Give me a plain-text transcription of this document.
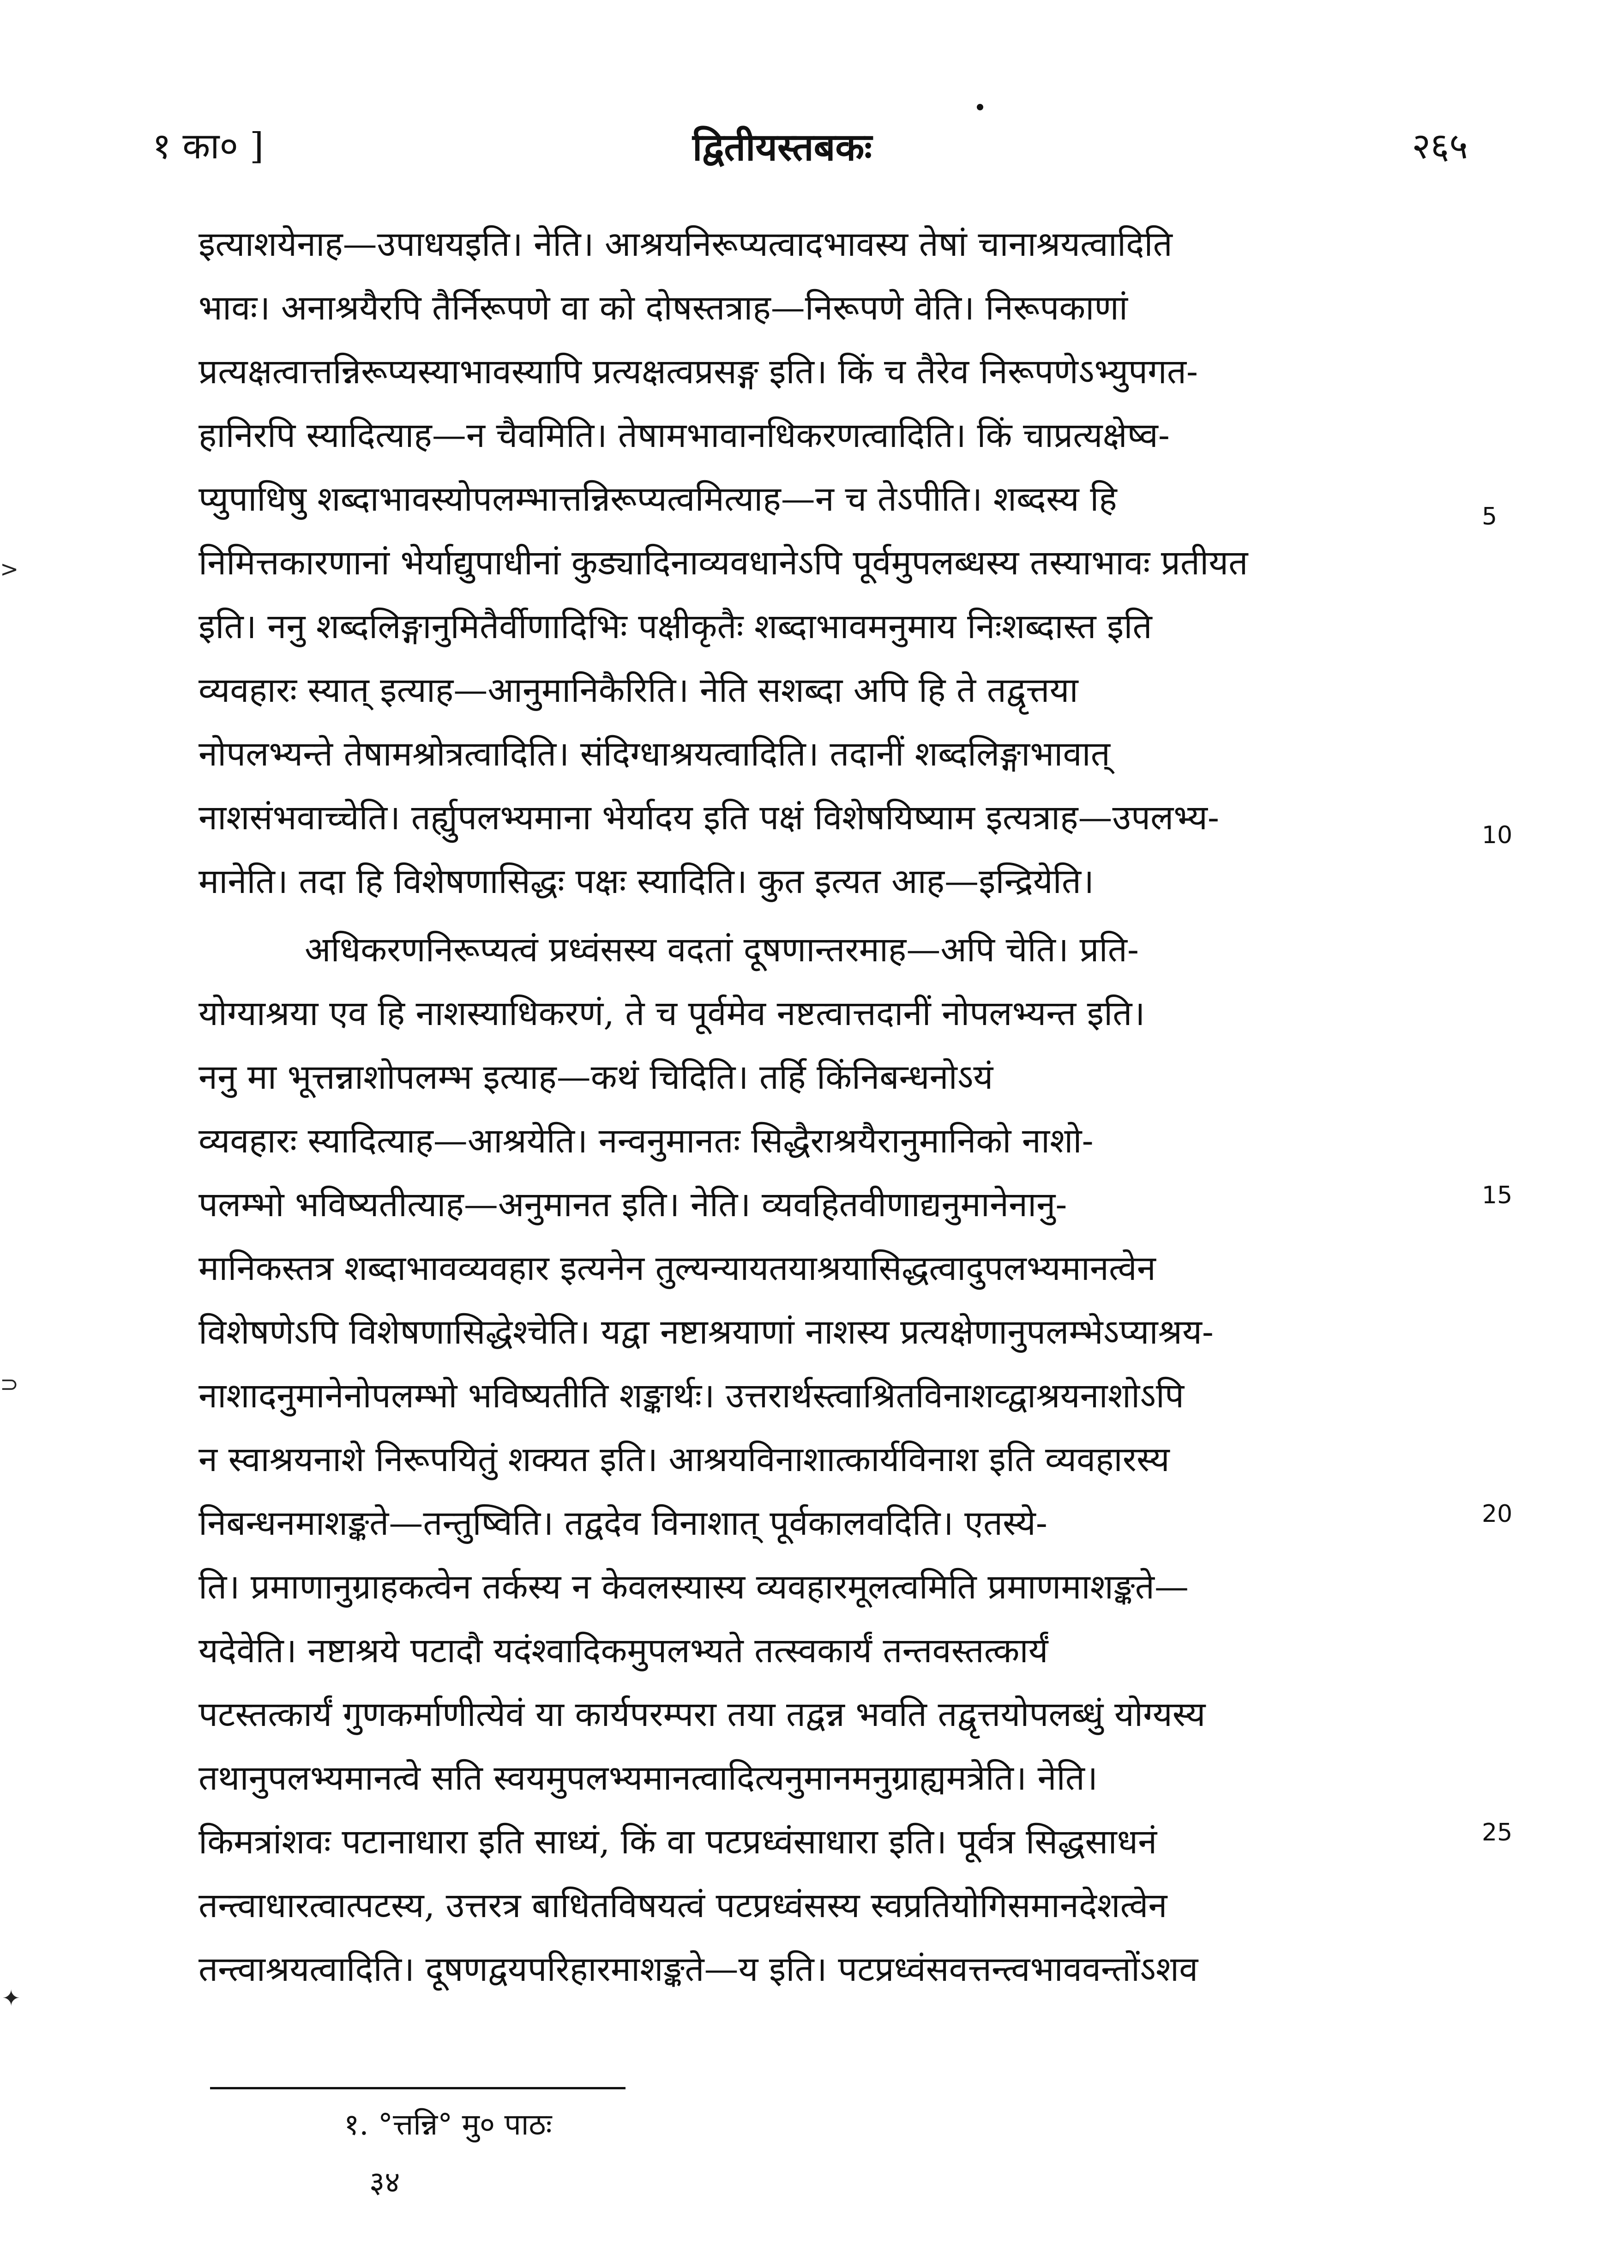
१ का० ]	द्वितीयस्तबकः	२६५
इत्याशयेनाह—उपाधयइति। नेति। आश्रयनिरूप्यत्वादभावस्य तेषां चानाश्रयत्वादिति
भावः। अनाश्रयैरपि तैर्निरूपणे वा को दोषस्तत्राह—निरूपणे वेति। निरूपकाणां
प्रत्यक्षत्वात्तन्निरूप्यस्याभावस्यापि प्रत्यक्षत्वप्रसङ्ग इति। किं च तैरेव निरूपणेऽभ्युपगत-
हानिरपि स्यादित्याह—न चैवमिति। तेषामभावानधिकरणत्वादिति। किं चाप्रत्यक्षेष्व-
प्युपाधिषु शब्दाभावस्योपलम्भात्तन्निरूप्यत्वमित्याह—न च तेऽपीति। शब्दस्य हि
निमित्तकारणानां भेर्याद्युपाधीनां कुड्यादिनाव्यवधानेऽपि पूर्वमुपलब्धस्य तस्याभावः प्रतीयत
इति। ननु शब्दलिङ्गानुमितैर्वीणादिभिः पक्षीकृतैः शब्दाभावमनुमाय निःशब्दास्त इति
व्यवहारः स्यात् इत्याह—आनुमानिकैरिति। नेति सशब्दा अपि हि ते तद्वृत्तया
नोपलभ्यन्ते तेषामश्रोत्रत्वादिति। संदिग्धाश्रयत्वादिति। तदानीं शब्दलिङ्गाभावात्
नाशसंभवाच्चेति। तर्ह्युपलभ्यमाना भेर्यादय इति पक्षं विशेषयिष्याम इत्यत्राह—उपलभ्य-
मानेति। तदा हि विशेषणासिद्धः पक्षः स्यादिति। कुत इत्यत आह—इन्द्रियेति।
अधिकरणनिरूप्यत्वं प्रध्वंसस्य वदतां दूषणान्तरमाह—अपि चेति। प्रति-
योग्याश्रया एव हि नाशस्याधिकरणं, ते च पूर्वमेव नष्टत्वात्तदानीं नोपलभ्यन्त इति।
ननु मा भूत्तन्नाशोपलम्भ इत्याह—कथं चिदिति। तर्हि किंनिबन्धनोऽयं
व्यवहारः स्यादित्याह—आश्रयेति। नन्वनुमानतः सिद्धैराश्रयैरानुमानिको नाशो-
पलम्भो भविष्यतीत्याह—अनुमानत इति। नेति। व्यवहितवीणाद्यनुमानेनानु-
मानिकस्तत्र शब्दाभावव्यवहार इत्यनेन तुल्यन्यायतयाश्रयासिद्धत्वादुपलभ्यमानत्वेन
विशेषणेऽपि विशेषणासिद्धेश्चेति। यद्वा नष्टाश्रयाणां नाशस्य प्रत्यक्षेणानुपलम्भेऽप्याश्रय-
नाशादनुमानेनोपलम्भो भविष्यतीति शङ्कार्थः। उत्तरार्थस्त्वाश्रितविनाशव्द्वाश्रयनाशोऽपि
न स्वाश्रयनाशे निरूपयितुं शक्यत इति। आश्रयविनाशात्कार्यविनाश इति व्यवहारस्य
निबन्धनमाशङ्कते—तन्तुष्विति। तद्वदेव विनाशात् पूर्वकालवदिति। एतस्ये-
ति। प्रमाणानुग्राहकत्वेन तर्कस्य न केवलस्यास्य व्यवहारमूलत्वमिति प्रमाणमाशङ्कते—
यदेवेति। नष्टाश्रये पटादौ यदंश्वादिकमुपलभ्यते तत्स्वकार्यं तन्तवस्तत्कार्यं
पटस्तत्कार्यं गुणकर्माणीत्येवं या कार्यपरम्परा तया तद्वन्न भवति तद्वृत्तयोपलब्धुं योग्यस्य
तथानुपलभ्यमानत्वे सति स्वयमुपलभ्यमानत्वादित्यनुमानमनुग्राह्यमत्रेति। नेति।
किमत्रांशवः पटानाधारा इति साध्यं, किं वा पटप्रध्वंसाधारा इति। पूर्वत्र सिद्धसाधनं
तन्त्वाधारत्वात्पटस्य, उत्तरत्र बाधितविषयत्वं पटप्रध्वंसस्य स्वप्रतियोगिसमानदेशत्वेन
तन्त्वाश्रयत्वादिति। दूषणद्वयपरिहारमाशङ्कते—य इति। पटप्रध्वंसवत्तन्त्वभाववन्तोंऽशव
5
10
15
20
25
>
⊃
✦
१. °त्तन्नि° मु० पाठः
३४
